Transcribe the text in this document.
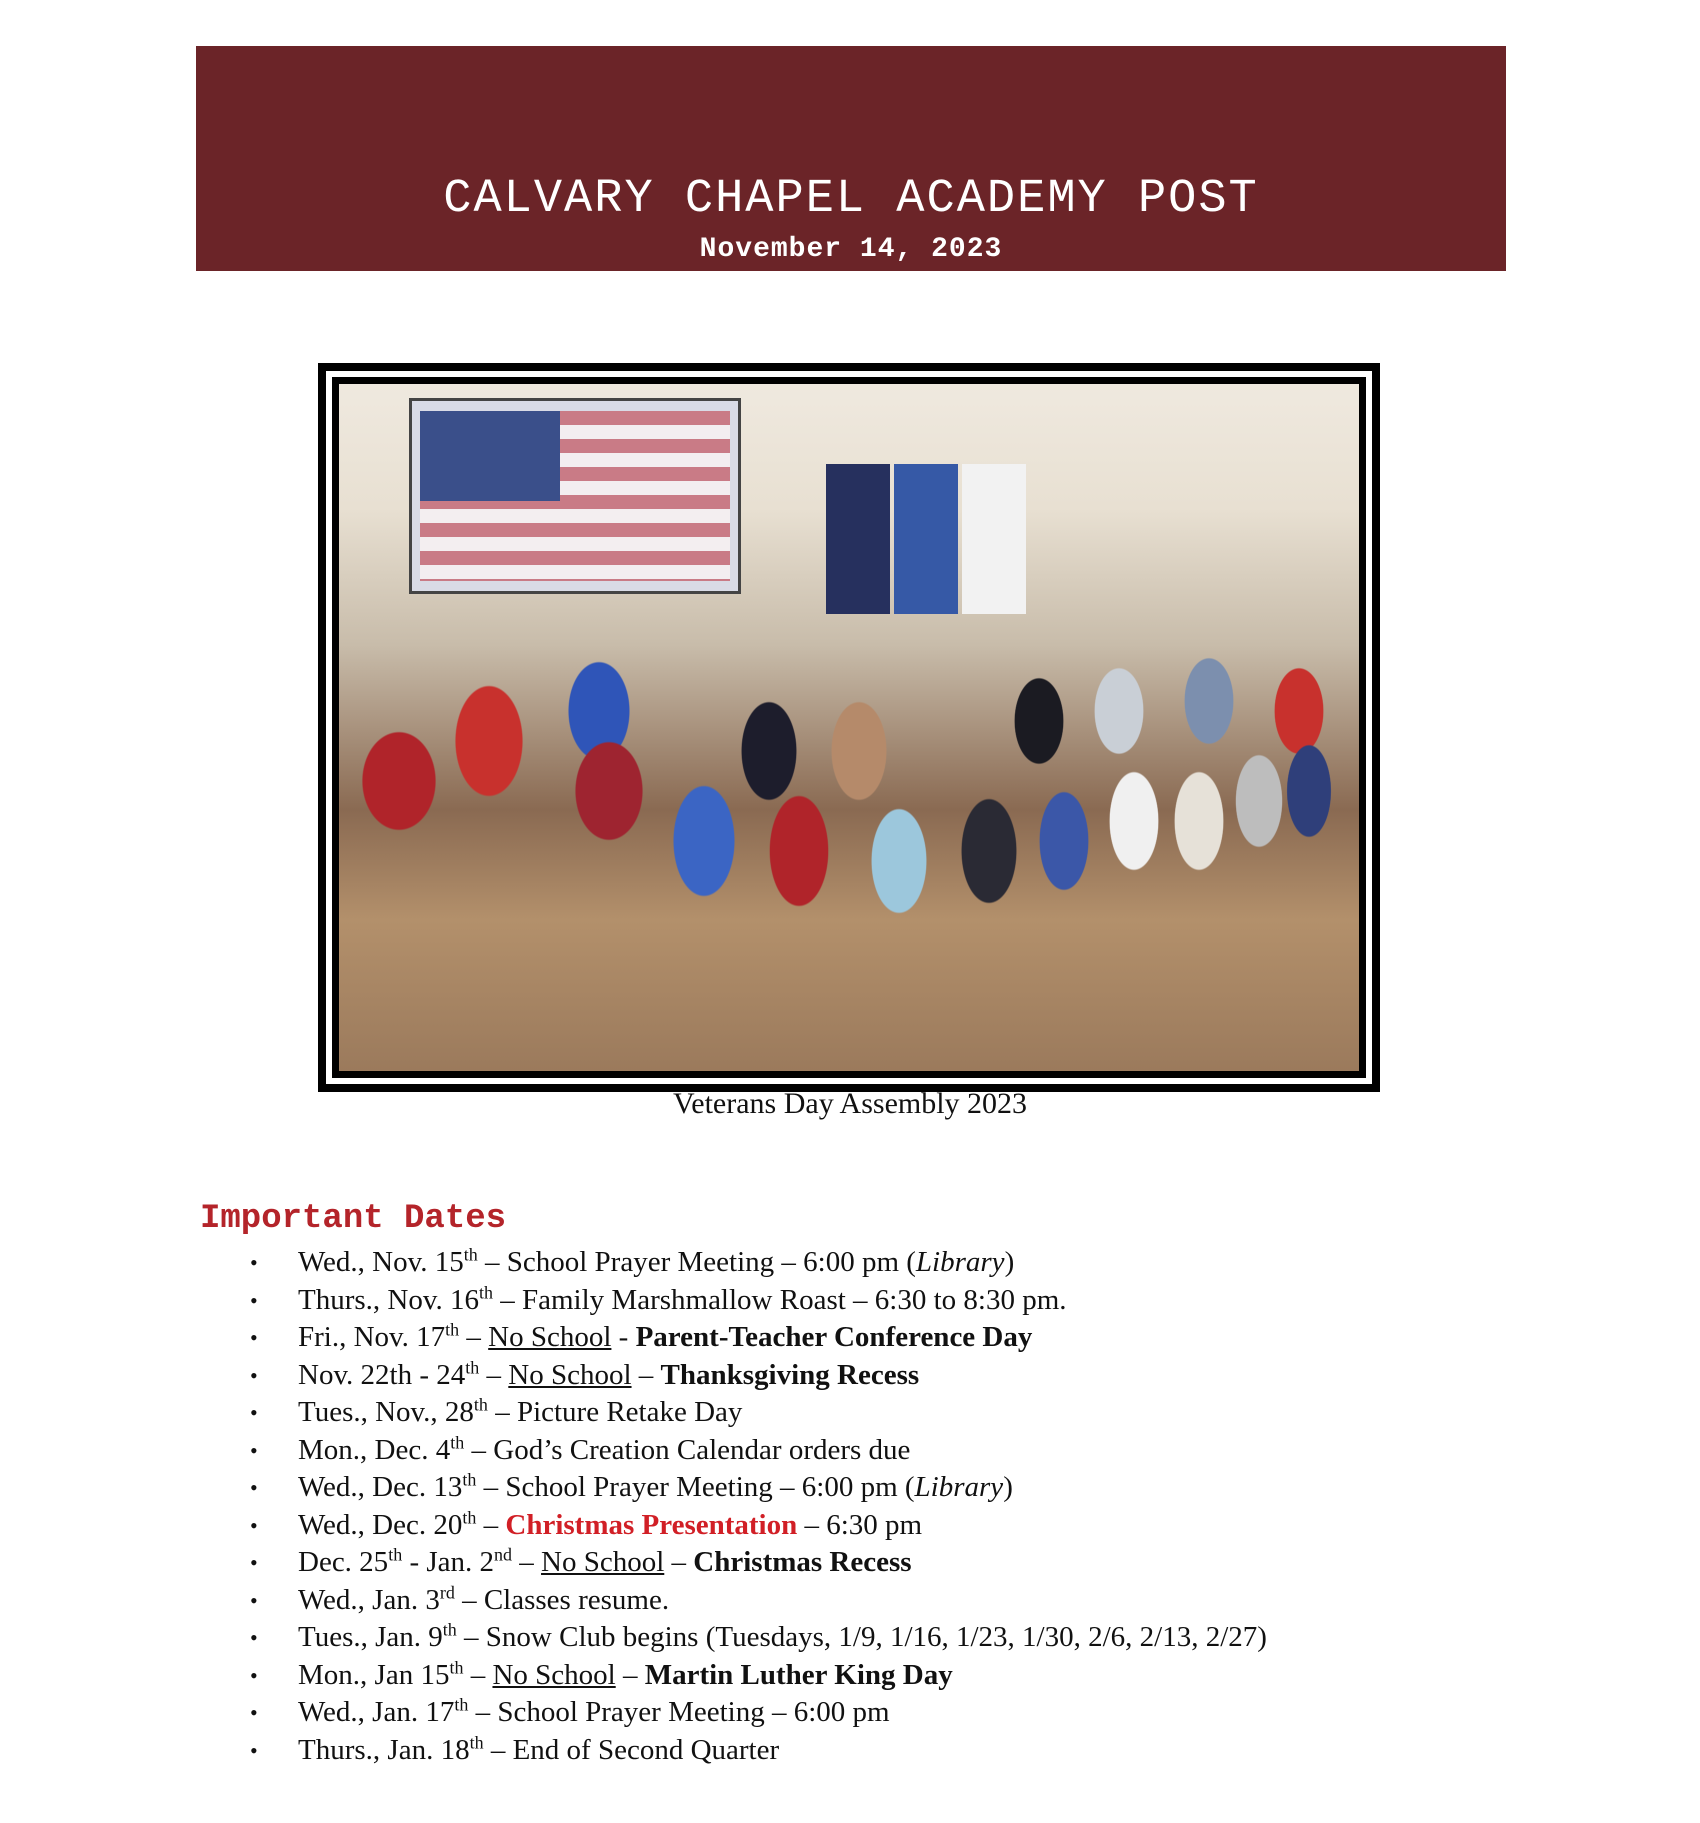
CALVARY CHAPEL ACADEMY POST
November 14, 2023
Veterans Day Assembly 2023
Important Dates
• Wed., Nov. 15th – School Prayer Meeting – 6:00 pm (Library)
• Thurs., Nov. 16th – Family Marshmallow Roast – 6:30 to 8:30 pm.
• Fri., Nov. 17th – No School - Parent-Teacher Conference Day
• Nov. 22th - 24th – No School – Thanksgiving Recess
• Tues., Nov., 28th – Picture Retake Day
• Mon., Dec. 4th – God’s Creation Calendar orders due
• Wed., Dec. 13th – School Prayer Meeting – 6:00 pm (Library)
• Wed., Dec. 20th – Christmas Presentation – 6:30 pm
• Dec. 25th - Jan. 2nd – No School – Christmas Recess
• Wed., Jan. 3rd – Classes resume.
• Tues., Jan. 9th – Snow Club begins (Tuesdays, 1/9, 1/16, 1/23, 1/30, 2/6, 2/13, 2/27)
• Mon., Jan 15th – No School – Martin Luther King Day
• Wed., Jan. 17th – School Prayer Meeting – 6:00 pm
• Thurs., Jan. 18th – End of Second Quarter
